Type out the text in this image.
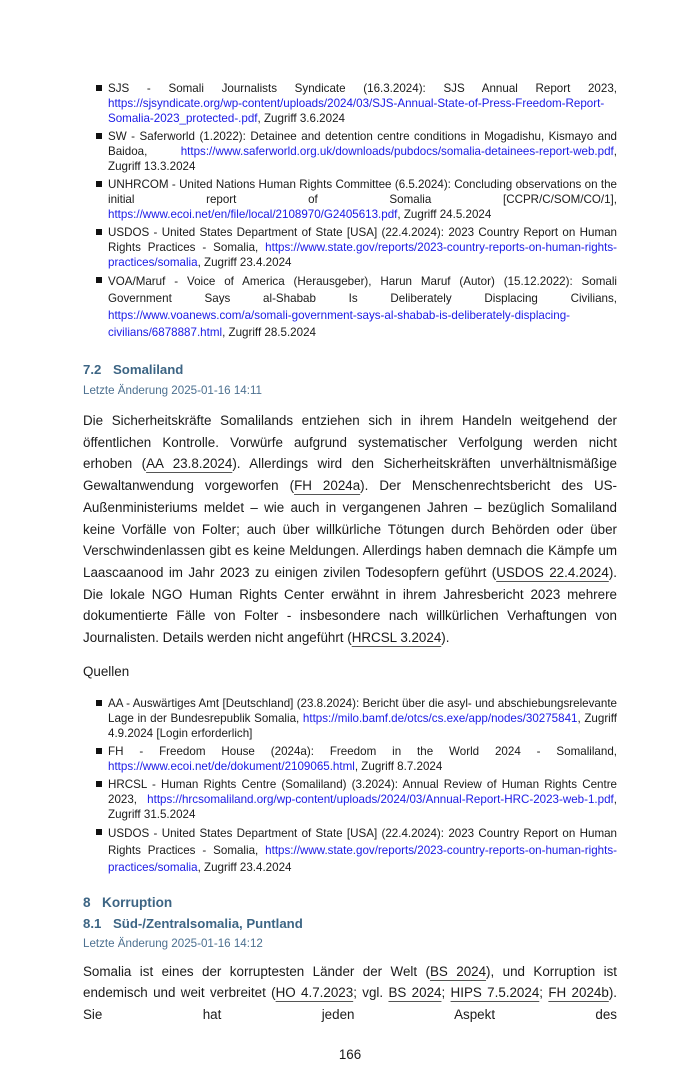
SJS - Somali Journalists Syndicate (16.3.2024): SJS Annual Report 2023, https://sjsyndicate.org/wp-content/uploads/2024/03/SJS-Annual-State-of-Press-Freedom-Report-Somalia-2023_protected-.pdf, Zugriff 3.6.2024
SW - Saferworld (1.2022): Detainee and detention centre conditions in Mogadishu, Kismayo and Baidoa, https://www.saferworld.org.uk/downloads/pubdocs/somalia-detainees-report-web.pdf, Zugriff 13.3.2024
UNHRCOM - United Nations Human Rights Committee (6.5.2024): Concluding observations on the initial report of Somalia [CCPR/C/SOM/CO/1], https://www.ecoi.net/en/file/local/2108970/G2405613.pdf, Zugriff 24.5.2024
USDOS - United States Department of State [USA] (22.4.2024): 2023 Country Report on Human Rights Practices - Somalia, https://www.state.gov/reports/2023-country-reports-on-human-rights-practices/somalia, Zugriff 23.4.2024
VOA/Maruf - Voice of America (Herausgeber), Harun Maruf (Autor) (15.12.2022): Somali Government Says al-Shabab Is Deliberately Displacing Civilians, https://www.voanews.com/a/somali-government-says-al-shabab-is-deliberately-displacing-civilians/6878887.html, Zugriff 28.5.2024
7.2 Somaliland
Letzte Änderung 2025-01-16 14:11

Die Sicherheitskräfte Somalilands entziehen sich in ihrem Handeln weitgehend der öffentlichen Kontrolle. Vorwürfe aufgrund systematischer Verfolgung werden nicht erhoben (AA 23.8.2024). Allerdings wird den Sicherheitskräften unverhältnismäßige Gewaltanwendung vorgeworfen (FH 2024a). Der Menschenrechtsbericht des US-Außenministeriums meldet – wie auch in vergangenen Jahren – bezüglich Somaliland keine Vorfälle von Folter; auch über willkürliche Tötungen durch Behörden oder über Verschwindenlassen gibt es keine Meldungen. Allerdings haben demnach die Kämpfe um Laascaanood im Jahr 2023 zu einigen zivilen Todesopfern geführt (USDOS 22.4.2024). Die lokale NGO Human Rights Center erwähnt in ihrem Jahresbericht 2023 mehrere dokumentierte Fälle von Folter - insbesondere nach willkürlichen Verhaftungen von Journalisten. Details werden nicht angeführt (HRCSL 3.2024).

Quellen
AA - Auswärtiges Amt [Deutschland] (23.8.2024): Bericht über die asyl- und abschiebungsrelevante Lage in der Bundesrepublik Somalia, https://milo.bamf.de/otcs/cs.exe/app/nodes/30275841, Zugriff 4.9.2024 [Login erforderlich]
FH - Freedom House (2024a): Freedom in the World 2024 - Somaliland, https://www.ecoi.net/de/dokument/2109065.html, Zugriff 8.7.2024
HRCSL - Human Rights Centre (Somaliland) (3.2024): Annual Review of Human Rights Centre 2023, https://hrcsomaliland.org/wp-content/uploads/2024/03/Annual-Report-HRC-2023-web-1.pdf, Zugriff 31.5.2024
USDOS - United States Department of State [USA] (22.4.2024): 2023 Country Report on Human Rights Practices - Somalia, https://www.state.gov/reports/2023-country-reports-on-human-rights-practices/somalia, Zugriff 23.4.2024
8 Korruption
8.1 Süd-/Zentralsomalia, Puntland
Letzte Änderung 2025-01-16 14:12

Somalia ist eines der korruptesten Länder der Welt (BS 2024), und Korruption ist endemisch und weit verbreitet (HO 4.7.2023; vgl. BS 2024; HIPS 7.5.2024; FH 2024b). Sie hat jeden Aspekt des

166
